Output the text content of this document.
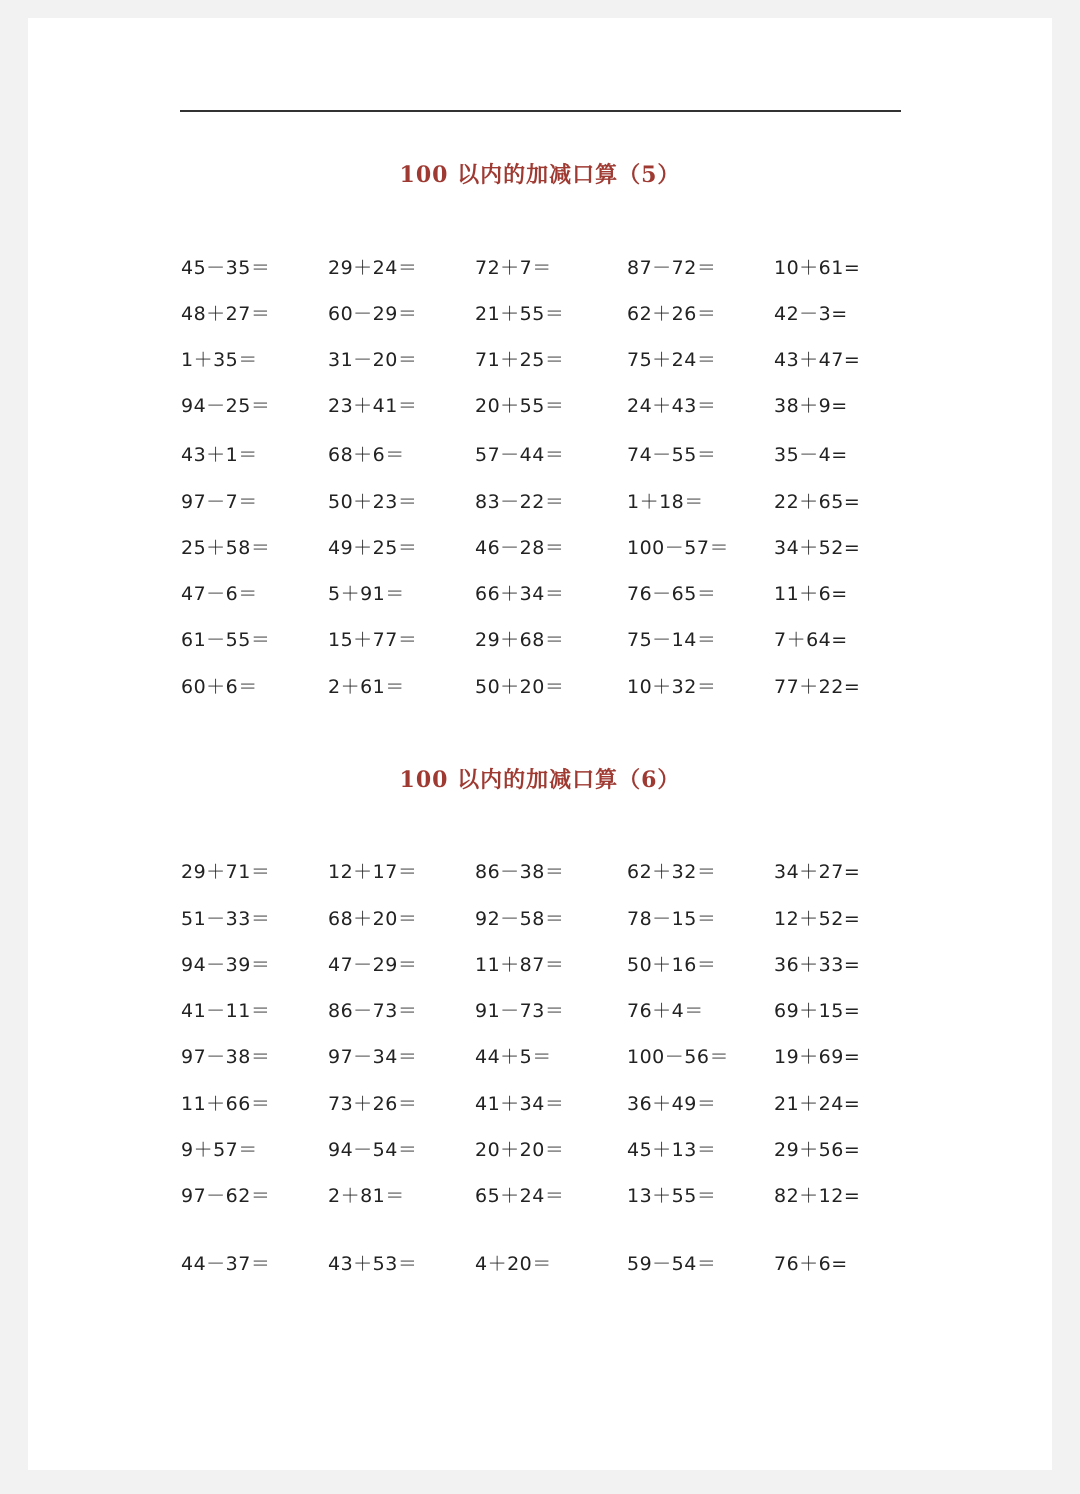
100 以内的加减口算（5）
45－35＝	29＋24＝	72＋7＝	87－72＝	10＋61=
48＋27＝	60－29＝	21＋55＝	62＋26＝	42－3=
1＋35＝	31－20＝	71＋25＝	75＋24＝	43＋47=
94－25＝	23＋41＝	20＋55＝	24＋43＝	38＋9=
43＋1＝	68＋6＝	57－44＝	74－55＝	35－4=
97－7＝	50＋23＝	83－22＝	1＋18＝	22＋65=
25＋58＝	49＋25＝	46－28＝	100－57＝ 34＋52=
47－6＝	5＋91＝	66＋34＝	76－65＝	11＋6=
61－55＝	15＋77＝	29＋68＝	75－14＝	7＋64=
60＋6＝	2＋61＝	50＋20＝	10＋32＝	77＋22=
100 以内的加减口算（6）
29＋71＝	12＋17＝	86－38＝	62＋32＝	34＋27=
51－33＝	68＋20＝	92－58＝	78－15＝	12＋52=
94－39＝	47－29＝	11＋87＝	50＋16＝	36＋33=
41－11＝	86－73＝	91－73＝	76＋4＝	69＋15=
97－38＝	97－34＝	44＋5＝	100－56＝ 19＋69=
11＋66＝	73＋26＝	41＋34＝	36＋49＝	21＋24=
9＋57＝	94－54＝	20＋20＝	45＋13＝	29＋56=
97－62＝	2＋81＝	65＋24＝	13＋55＝	82＋12=
44－37＝	43＋53＝	4＋20＝	59－54＝	76＋6=
